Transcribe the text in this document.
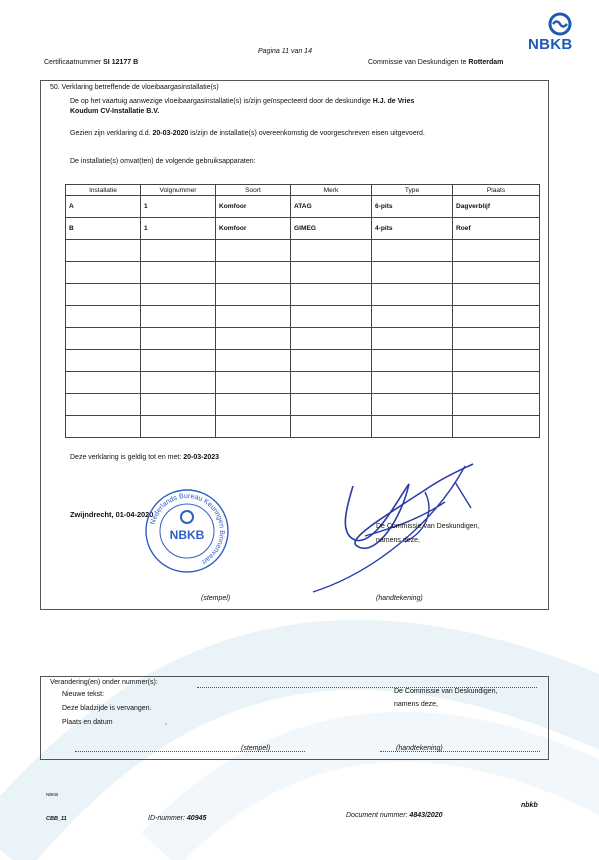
NBKB
Pagina 11 van 14
Certificaatnummer SI 12177 B	Commissie van Deskundigen te Rotterdam
50. Verklaring betreffende de vloeibaargasinstallatie(s)
De op het vaartuig aanwezige vloeibaargasinstallatie(s) is/zijn geïnspecteerd door de deskundige H.J. de Vries
Koudum CV-Installatie B.V.
Gezien zijn verklaring d.d. 20-03-2020 is/zijn de installatie(s) overeenkomstig de voorgeschreven eisen uitgevoerd.
De installatie(s) omvat(ten) de volgende gebruiksapparaten:
Installatie	Volgnummer	Soort	Merk	Type	Plaats
A	1	Komfoor	ATAG	6-pits	Dagverblijf
B	1	Komfoor	GIMEG	4-pits	Roef

Deze verklaring is geldig tot en met: 20-03-2023
Zwijndrecht, 01-04-2020
Nederlands Bureau Keuringen Binnenvaart
NBKB
De Commissie van Deskundigen,
namens deze,
(stempel)	(handtekening)
Verandering(en) onder nummer(s):
Nieuwe tekst:
Deze bladzijde is vervangen.
Plaats en datum	,
De Commissie van Deskundigen,
namens deze,
(stempel)	(handtekening)
NBKB
nbkb
CBB_11	ID-nummer: 40945	Document nummer: 4843/2020
